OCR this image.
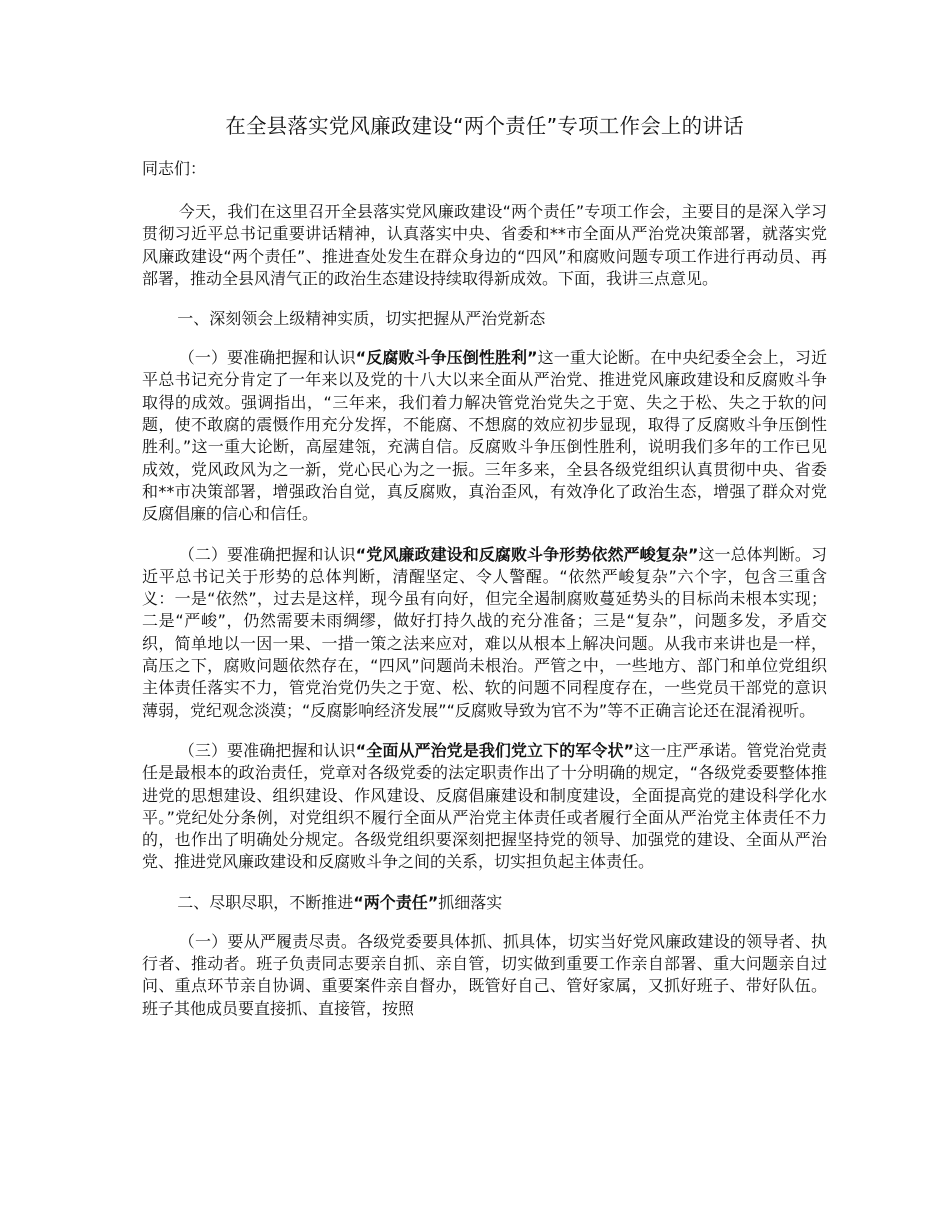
在全县落实党风廉政建设“两个责任”专项工作会上的讲话
同志们：

今天，我们在这里召开全县落实党风廉政建设“两个责任”专项工作会，主要目的是深入学习贯彻习近平总书记重要讲话精神，认真落实中央、省委和**市全面从严治党决策部署，就落实党风廉政建设“两个责任”、推进查处发生在群众身边的“四风”和腐败问题专项工作进行再动员、再部署，推动全县风清气正的政治生态建设持续取得新成效。下面，我讲三点意见。

一、深刻领会上级精神实质，切实把握从严治党新态

（一）要准确把握和认识“反腐败斗争压倒性胜利”这一重大论断。在中央纪委全会上，习近平总书记充分肯定了一年来以及党的十八大以来全面从严治党、推进党风廉政建设和反腐败斗争取得的成效。强调指出，“三年来，我们着力解决管党治党失之于宽、失之于松、失之于软的问题，使不敢腐的震慑作用充分发挥，不能腐、不想腐的效应初步显现，取得了反腐败斗争压倒性胜利。”这一重大论断，高屋建瓴，充满自信。反腐败斗争压倒性胜利，说明我们多年的工作已见成效，党风政风为之一新，党心民心为之一振。三年多来，全县各级党组织认真贯彻中央、省委和**市决策部署，增强政治自觉，真反腐败，真治歪风，有效净化了政治生态，增强了群众对党反腐倡廉的信心和信任。

（二）要准确把握和认识“党风廉政建设和反腐败斗争形势依然严峻复杂”这一总体判断。习近平总书记关于形势的总体判断，清醒坚定、令人警醒。“依然严峻复杂”六个字，包含三重含义：一是“依然”，过去是这样，现今虽有向好，但完全遏制腐败蔓延势头的目标尚未根本实现；二是“严峻”，仍然需要未雨绸缪，做好打持久战的充分准备；三是“复杂”，问题多发，矛盾交织，简单地以一因一果、一措一策之法来应对，难以从根本上解决问题。从我市来讲也是一样，高压之下，腐败问题依然存在，“四风”问题尚未根治。严管之中，一些地方、部门和单位党组织主体责任落实不力，管党治党仍失之于宽、松、软的问题不同程度存在，一些党员干部党的意识薄弱，党纪观念淡漠；“反腐影响经济发展”“反腐败导致为官不为”等不正确言论还在混淆视听。

（三）要准确把握和认识“全面从严治党是我们党立下的军令状”这一庄严承诺。管党治党责任是最根本的政治责任，党章对各级党委的法定职责作出了十分明确的规定，“各级党委要整体推进党的思想建设、组织建设、作风建设、反腐倡廉建设和制度建设，全面提高党的建设科学化水平。”党纪处分条例，对党组织不履行全面从严治党主体责任或者履行全面从严治党主体责任不力的，也作出了明确处分规定。各级党组织要深刻把握坚持党的领导、加强党的建设、全面从严治党、推进党风廉政建设和反腐败斗争之间的关系，切实担负起主体责任。

二、尽职尽职，不断推进“两个责任”抓细落实

（一）要从严履责尽责。各级党委要具体抓、抓具体，切实当好党风廉政建设的领导者、执行者、推动者。班子负责同志要亲自抓、亲自管，切实做到重要工作亲自部署、重大问题亲自过问、重点环节亲自协调、重要案件亲自督办，既管好自己、管好家属，又抓好班子、带好队伍。班子其他成员要直接抓、直接管，按照
